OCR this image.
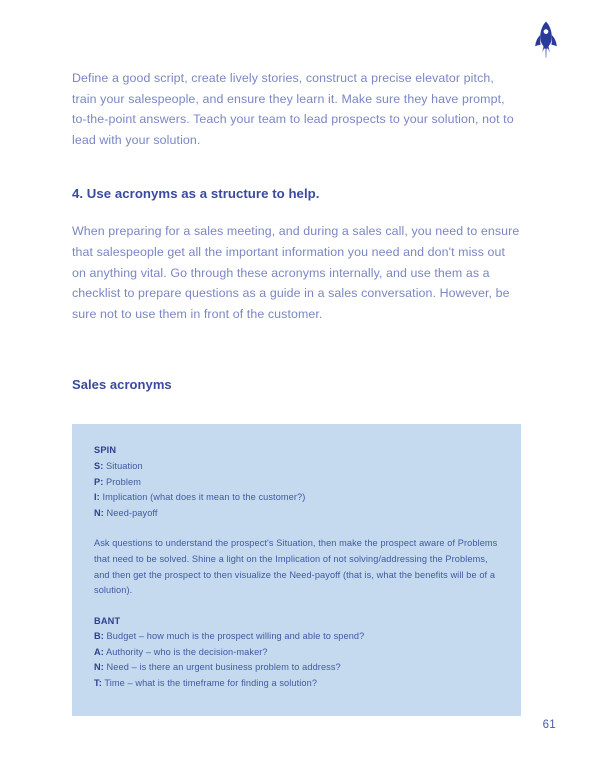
Define a good script, create lively stories, construct a precise elevator pitch, train your salespeople, and ensure they learn it. Make sure they have prompt, to-the-point answers. Teach your team to lead prospects to your solution, not to lead with your solution.

4. Use acronyms as a structure to help.

When preparing for a sales meeting, and during a sales call, you need to ensure that salespeople get all the important information you need and don't miss out on anything vital. Go through these acronyms internally, and use them as a checklist to prepare questions as a guide in a sales conversation. However, be sure not to use them in front of the customer.

Sales acronyms

SPIN

S: Situation

P: Problem

I: Implication (what does it mean to the customer?)

N: Need-payoff

Ask questions to understand the prospect's Situation, then make the prospect aware of Problems that need to be solved. Shine a light on the Implication of not solving/addressing the Problems, and then get the prospect to then visualize the Need-payoff (that is, what the benefits will be of a solution).

BANT

B: Budget – how much is the prospect willing and able to spend?

A: Authority – who is the decision-maker?

N: Need – is there an urgent business problem to address?

T: Time – what is the timeframe for finding a solution?

61
